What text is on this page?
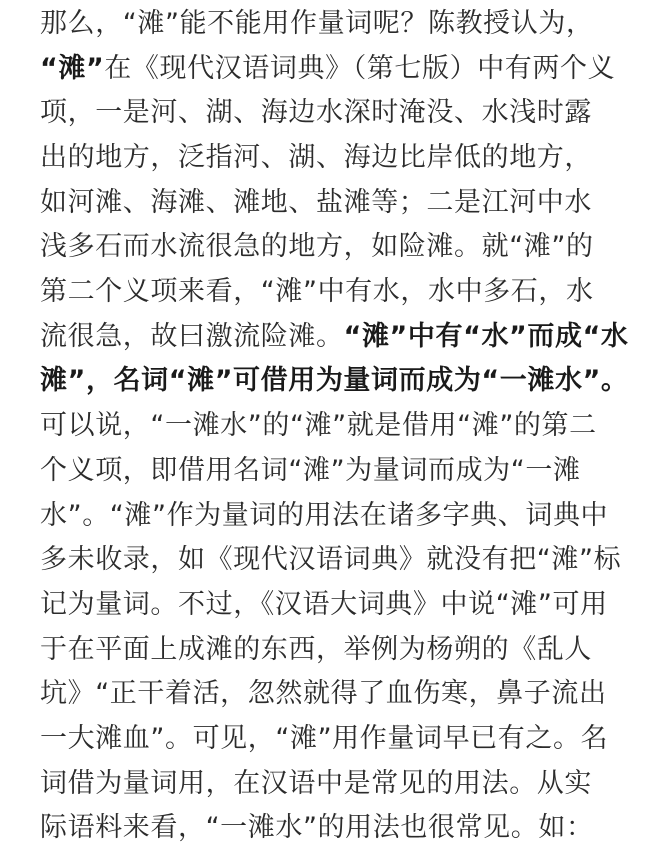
那么，“滩”能不能用作量词呢？陈教授认为，
“滩”在《现代汉语词典》（第七版）中有两个义
项，一是河、湖、海边水深时淹没、水浅时露
出的地方，泛指河、湖、海边比岸低的地方，
如河滩、海滩、滩地、盐滩等；二是江河中水
浅多石而水流很急的地方，如险滩。就“滩”的
第二个义项来看，“滩”中有水，水中多石，水
流很急，故曰激流险滩。“滩”中有“水”而成“水
滩”，名词“滩”可借用为量词而成为“一滩水”。
可以说，“一滩水”的“滩”就是借用“滩”的第二
个义项，即借用名词“滩”为量词而成为“一滩
水”。“滩”作为量词的用法在诸多字典、词典中
多未收录，如《现代汉语词典》就没有把“滩”标
记为量词。不过，《汉语大词典》中说“滩”可用
于在平面上成滩的东西，举例为杨朔的《乱人
坑》“正干着活，忽然就得了血伤寒，鼻子流出
一大滩血”。可见，“滩”用作量词早已有之。名
词借为量词用，在汉语中是常见的用法。从实
际语料来看，“一滩水”的用法也很常见。如：
